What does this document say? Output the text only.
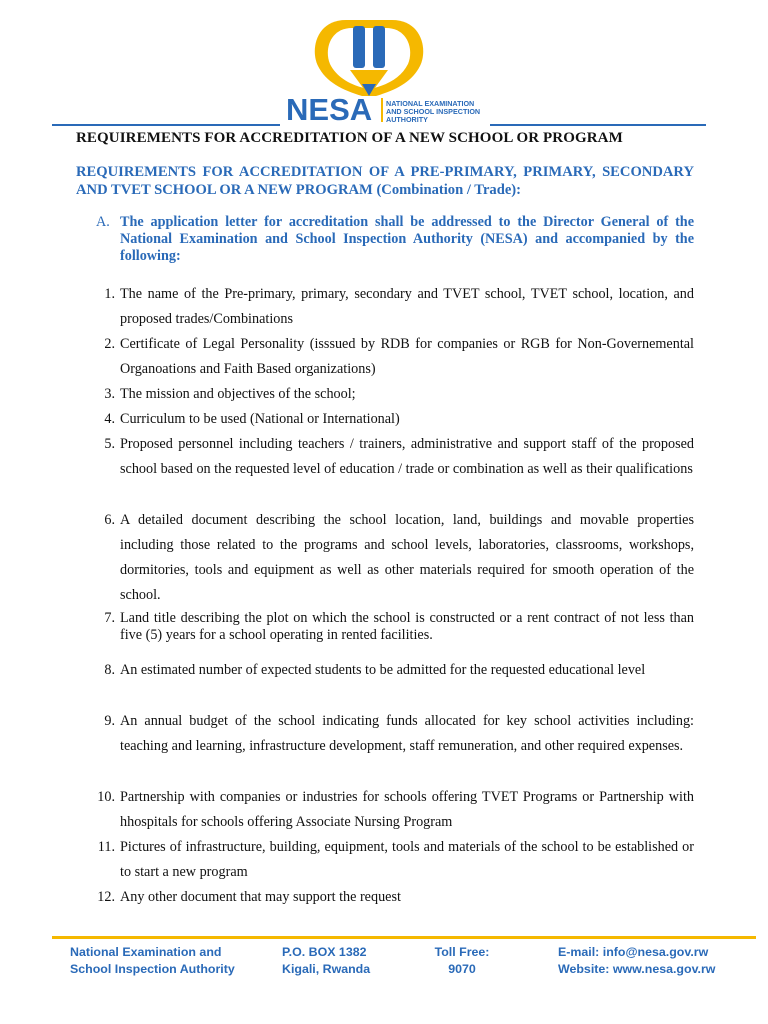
NESA NATIONAL EXAMINATION
AND SCHOOL INSPECTION
AUTHORITY
REQUIREMENTS FOR ACCREDITATION OF A NEW SCHOOL OR PROGRAM
REQUIREMENTS FOR ACCREDITATION OF A PRE-PRIMARY, PRIMARY, SECONDARY AND TVET SCHOOL OR A NEW PROGRAM (Combination / Trade):
A. The application letter for accreditation shall be addressed to the Director General of the National Examination and School Inspection Authority (NESA) and accompanied by the following:
1. The name of the Pre-primary, primary, secondary and TVET school, TVET school, location, and proposed trades/Combinations
2. Certificate of Legal Personality (isssued by RDB for companies or RGB for Non-Governemental Organoations and Faith Based organizations)
3. The mission and objectives of the school;
4. Curriculum to be used (National or International)
5. Proposed personnel including teachers / trainers, administrative and support staff of the proposed school based on the requested level of education / trade or combination as well as their qualifications
6. A detailed document describing the school location, land, buildings and movable properties including those related to the programs and school levels, laboratories, classrooms, workshops, dormitories, tools and equipment as well as other materials required for smooth operation of the school.
7. Land title describing the plot on which the school is constructed or a rent contract of not less than five (5) years for a school operating in rented facilities.
8. An estimated number of expected students to be admitted for the requested educational level
9. An annual budget of the school indicating funds allocated for key school activities including: teaching and learning, infrastructure development, staff remuneration, and other required expenses.
10. Partnership with companies or industries for schools offering TVET Programs or Partnership with hhospitals for schools offering Associate Nursing Program
11. Pictures of infrastructure, building, equipment, tools and materials of the school to be established or to start a new program
12. Any other document that may support the request
National Examination and
School Inspection Authority
P.O. BOX 1382
Kigali, Rwanda
Toll Free:
9070
E-mail: info@nesa.gov.rw
Website: www.nesa.gov.rw
